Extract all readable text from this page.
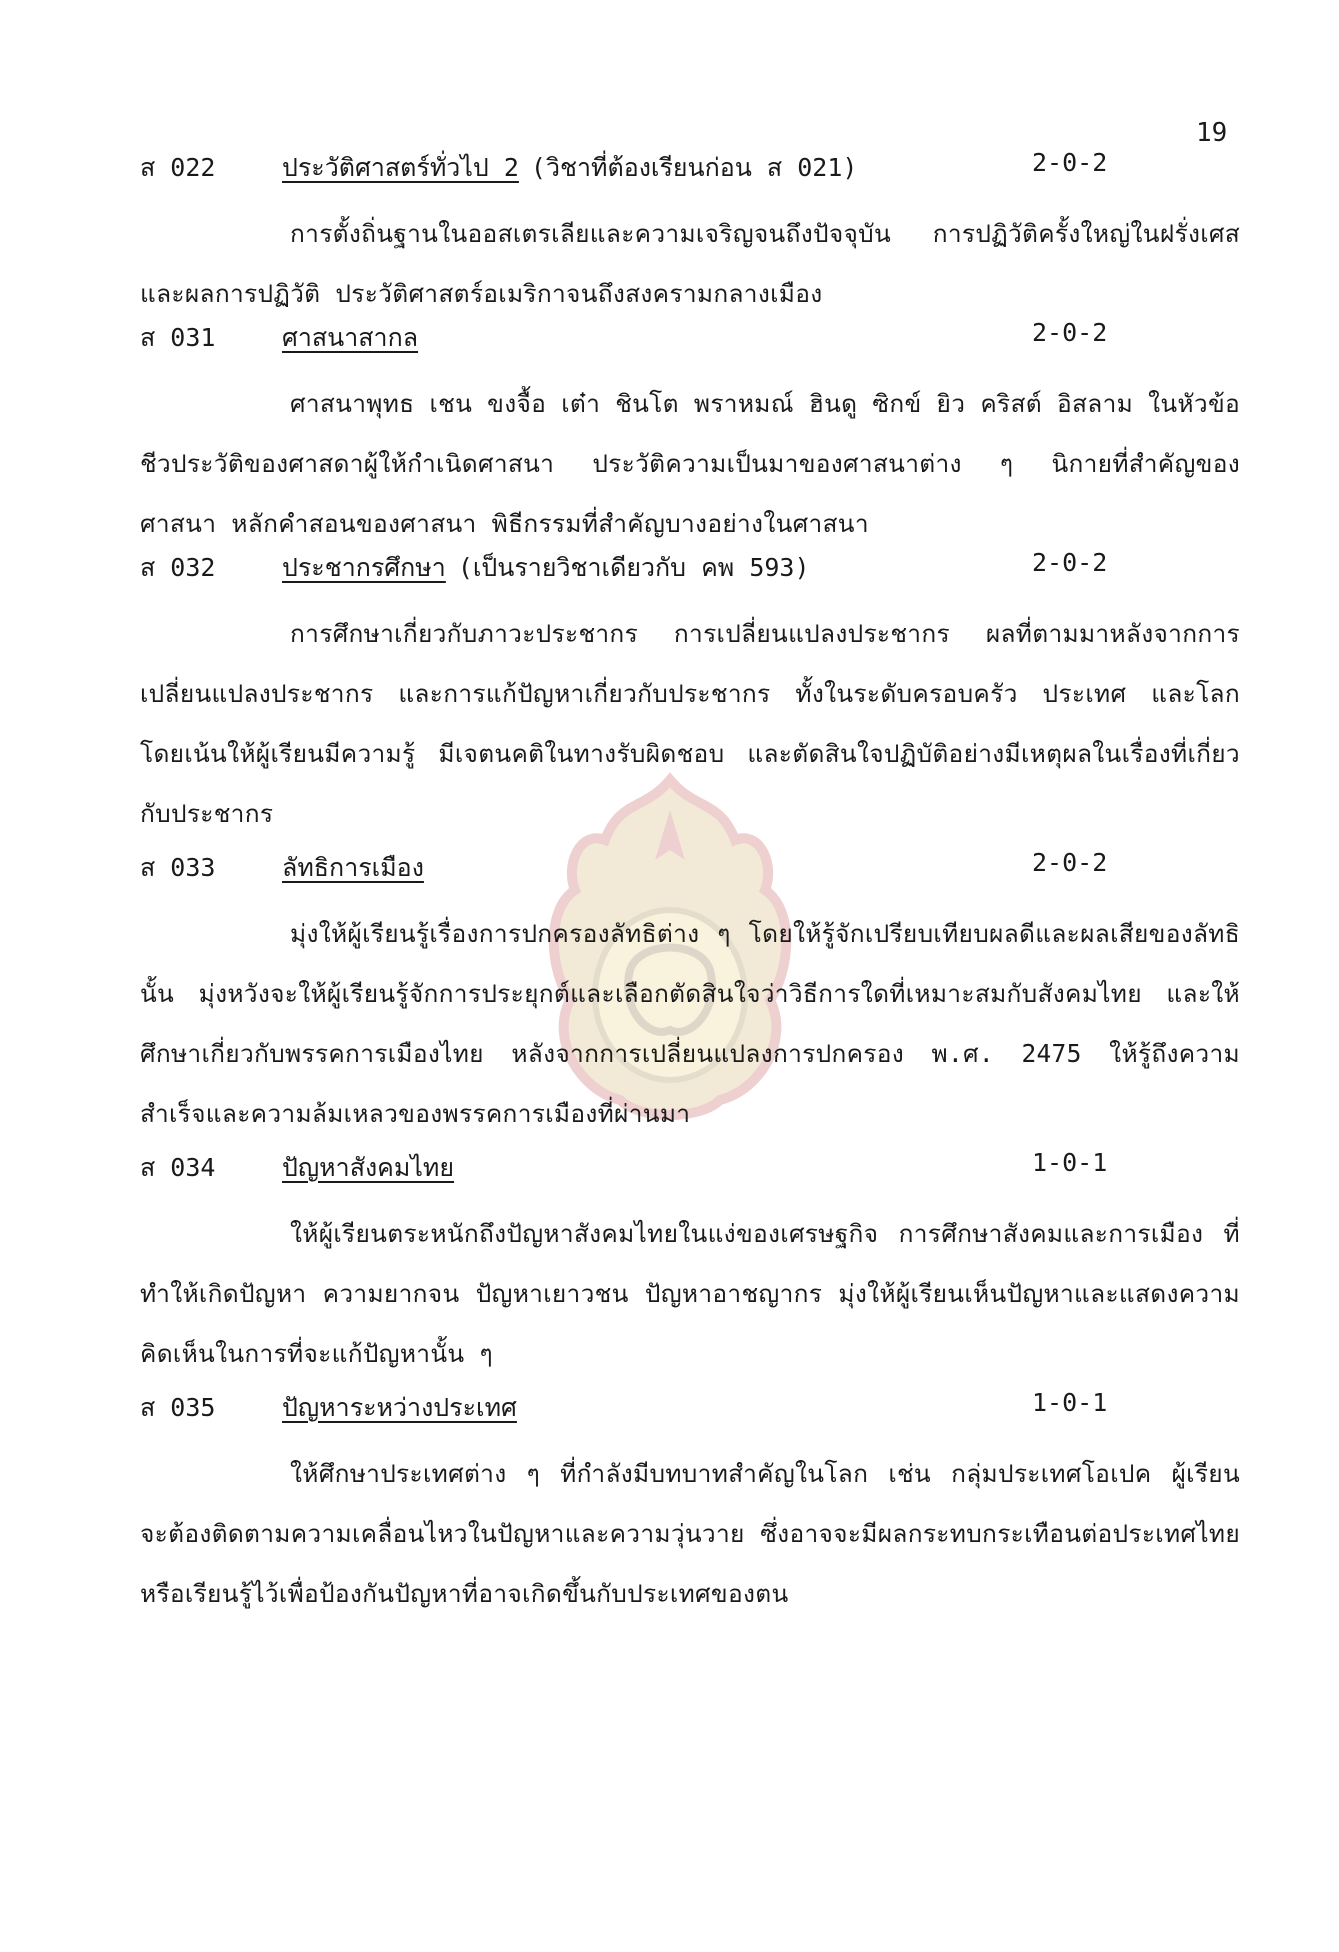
19
ส 022	ประวัติศาสตร์ทั่วไป 2 (วิชาที่ต้องเรียนก่อน ส 021)	2-0-2
การตั้งถิ่นฐานในออสเตรเลียและความเจริญจนถึงปัจจุบัน การปฏิวัติครั้งใหญ่ในฝรั่งเศส และผลการปฏิวัติ ประวัติศาสตร์อเมริกาจนถึงสงครามกลางเมือง
ส 031	ศาสนาสากล	2-0-2
ศาสนาพุทธ เชน ขงจื้อ เต๋า ชินโต พราหมณ์ ฮินดู ซิกข์ ยิว คริสต์ อิสลาม ในหัวข้อชีวประวัติของศาสดาผู้ให้กำเนิดศาสนา ประวัติความเป็นมาของศาสนาต่าง ๆ นิกายที่สำคัญของศาสนา หลักคำสอนของศาสนา พิธีกรรมที่สำคัญบางอย่างในศาสนา
ส 032	ประชากรศึกษา (เป็นรายวิชาเดียวกับ คพ 593)	2-0-2
การศึกษาเกี่ยวกับภาวะประชากร การเปลี่ยนแปลงประชากร ผลที่ตามมาหลังจากการเปลี่ยนแปลงประชากร และการแก้ปัญหาเกี่ยวกับประชากร ทั้งในระดับครอบครัว ประเทศ และโลก โดยเน้นให้ผู้เรียนมีความรู้ มีเจตนคติในทางรับผิดชอบ และตัดสินใจปฏิบัติอย่างมีเหตุผลในเรื่องที่เกี่ยวกับประชากร
ส 033	ลัทธิการเมือง	2-0-2
มุ่งให้ผู้เรียนรู้เรื่องการปกครองลัทธิต่าง ๆ โดยให้รู้จักเปรียบเทียบผลดีและผลเสียของลัทธินั้น มุ่งหวังจะให้ผู้เรียนรู้จักการประยุกต์และเลือกตัดสินใจว่าวิธีการใดที่เหมาะสมกับสังคมไทย และให้ศึกษาเกี่ยวกับพรรคการเมืองไทย หลังจากการเปลี่ยนแปลงการปกครอง พ.ศ. 2475 ให้รู้ถึงความสำเร็จและความล้มเหลวของพรรคการเมืองที่ผ่านมา
ส 034	ปัญหาสังคมไทย	1-0-1
ให้ผู้เรียนตระหนักถึงปัญหาสังคมไทยในแง่ของเศรษฐกิจ การศึกษาสังคมและการเมือง ที่ทำให้เกิดปัญหา ความยากจน ปัญหาเยาวชน ปัญหาอาชญากร มุ่งให้ผู้เรียนเห็นปัญหาและแสดงความคิดเห็นในการที่จะแก้ปัญหานั้น ๆ
ส 035	ปัญหาระหว่างประเทศ	1-0-1
ให้ศึกษาประเทศต่าง ๆ ที่กำลังมีบทบาทสำคัญในโลก เช่น กลุ่มประเทศโอเปค ผู้เรียนจะต้องติดตามความเคลื่อนไหวในปัญหาและความวุ่นวาย ซึ่งอาจจะมีผลกระทบกระเทือนต่อประเทศไทย หรือเรียนรู้ไว้เพื่อป้องกันปัญหาที่อาจเกิดขึ้นกับประเทศของตน
